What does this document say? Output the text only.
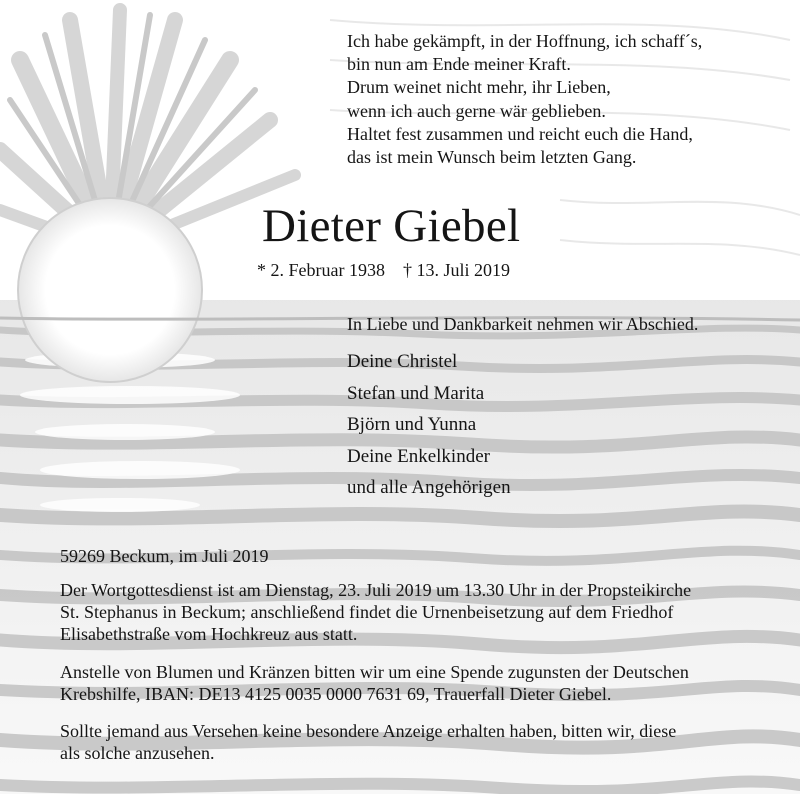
Ich habe gekämpft, in der Hoffnung, ich schaff´s,
bin nun am Ende meiner Kraft.
Drum weinet nicht mehr, ihr Lieben,
wenn ich auch gerne wär geblieben.
Haltet fest zusammen und reicht euch die Hand,
das ist mein Wunsch beim letzten Gang.
Dieter Giebel
* 2. Februar 1938 † 13. Juli 2019
In Liebe und Dankbarkeit nehmen wir Abschied.
Deine Christel
Stefan und Marita
Björn und Yunna
Deine Enkelkinder
und alle Angehörigen
59269 Beckum, im Juli 2019
Der Wortgottesdienst ist am Dienstag, 23. Juli 2019 um 13.30 Uhr in der Propsteikirche
St. Stephanus in Beckum; anschließend findet die Urnenbeisetzung auf dem Friedhof
Elisabethstraße vom Hochkreuz aus statt.
Anstelle von Blumen und Kränzen bitten wir um eine Spende zugunsten der Deutschen
Krebshilfe, IBAN: DE13 4125 0035 0000 7631 69, Trauerfall Dieter Giebel.
Sollte jemand aus Versehen keine besondere Anzeige erhalten haben, bitten wir, diese
als solche anzusehen.
